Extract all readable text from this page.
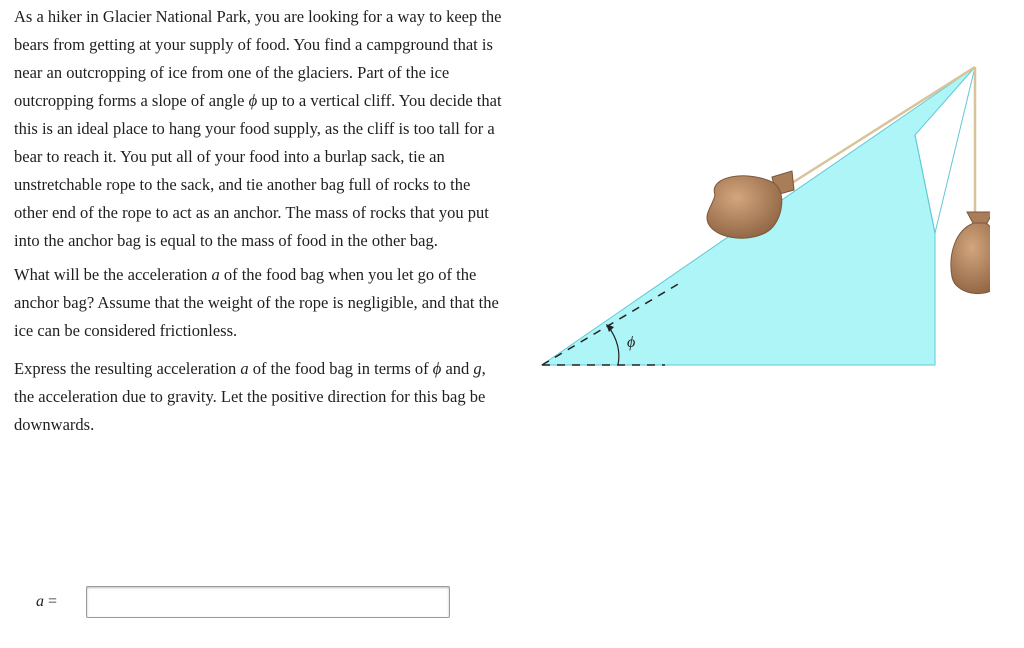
As a hiker in Glacier National Park, you are looking for a way to keep the bears from getting at your supply of food. You find a campground that is near an outcropping of ice from one of the glaciers. Part of the ice outcropping forms a slope of angle ϕ up to a vertical cliff. You decide that this is an ideal place to hang your food supply, as the cliff is too tall for a bear to reach it. You put all of your food into a burlap sack, tie an unstretchable rope to the sack, and tie another bag full of rocks to the other end of the rope to act as an anchor. The mass of rocks that you put into the anchor bag is equal to the mass of food in the other bag.

What will be the acceleration a of the food bag when you let go of the anchor bag? Assume that the weight of the rope is negligible, and that the ice can be considered frictionless.

Express the resulting acceleration a of the food bag in terms of ϕ and g, the acceleration due to gravity. Let the positive direction for this bag be downwards.

ϕ
a =
